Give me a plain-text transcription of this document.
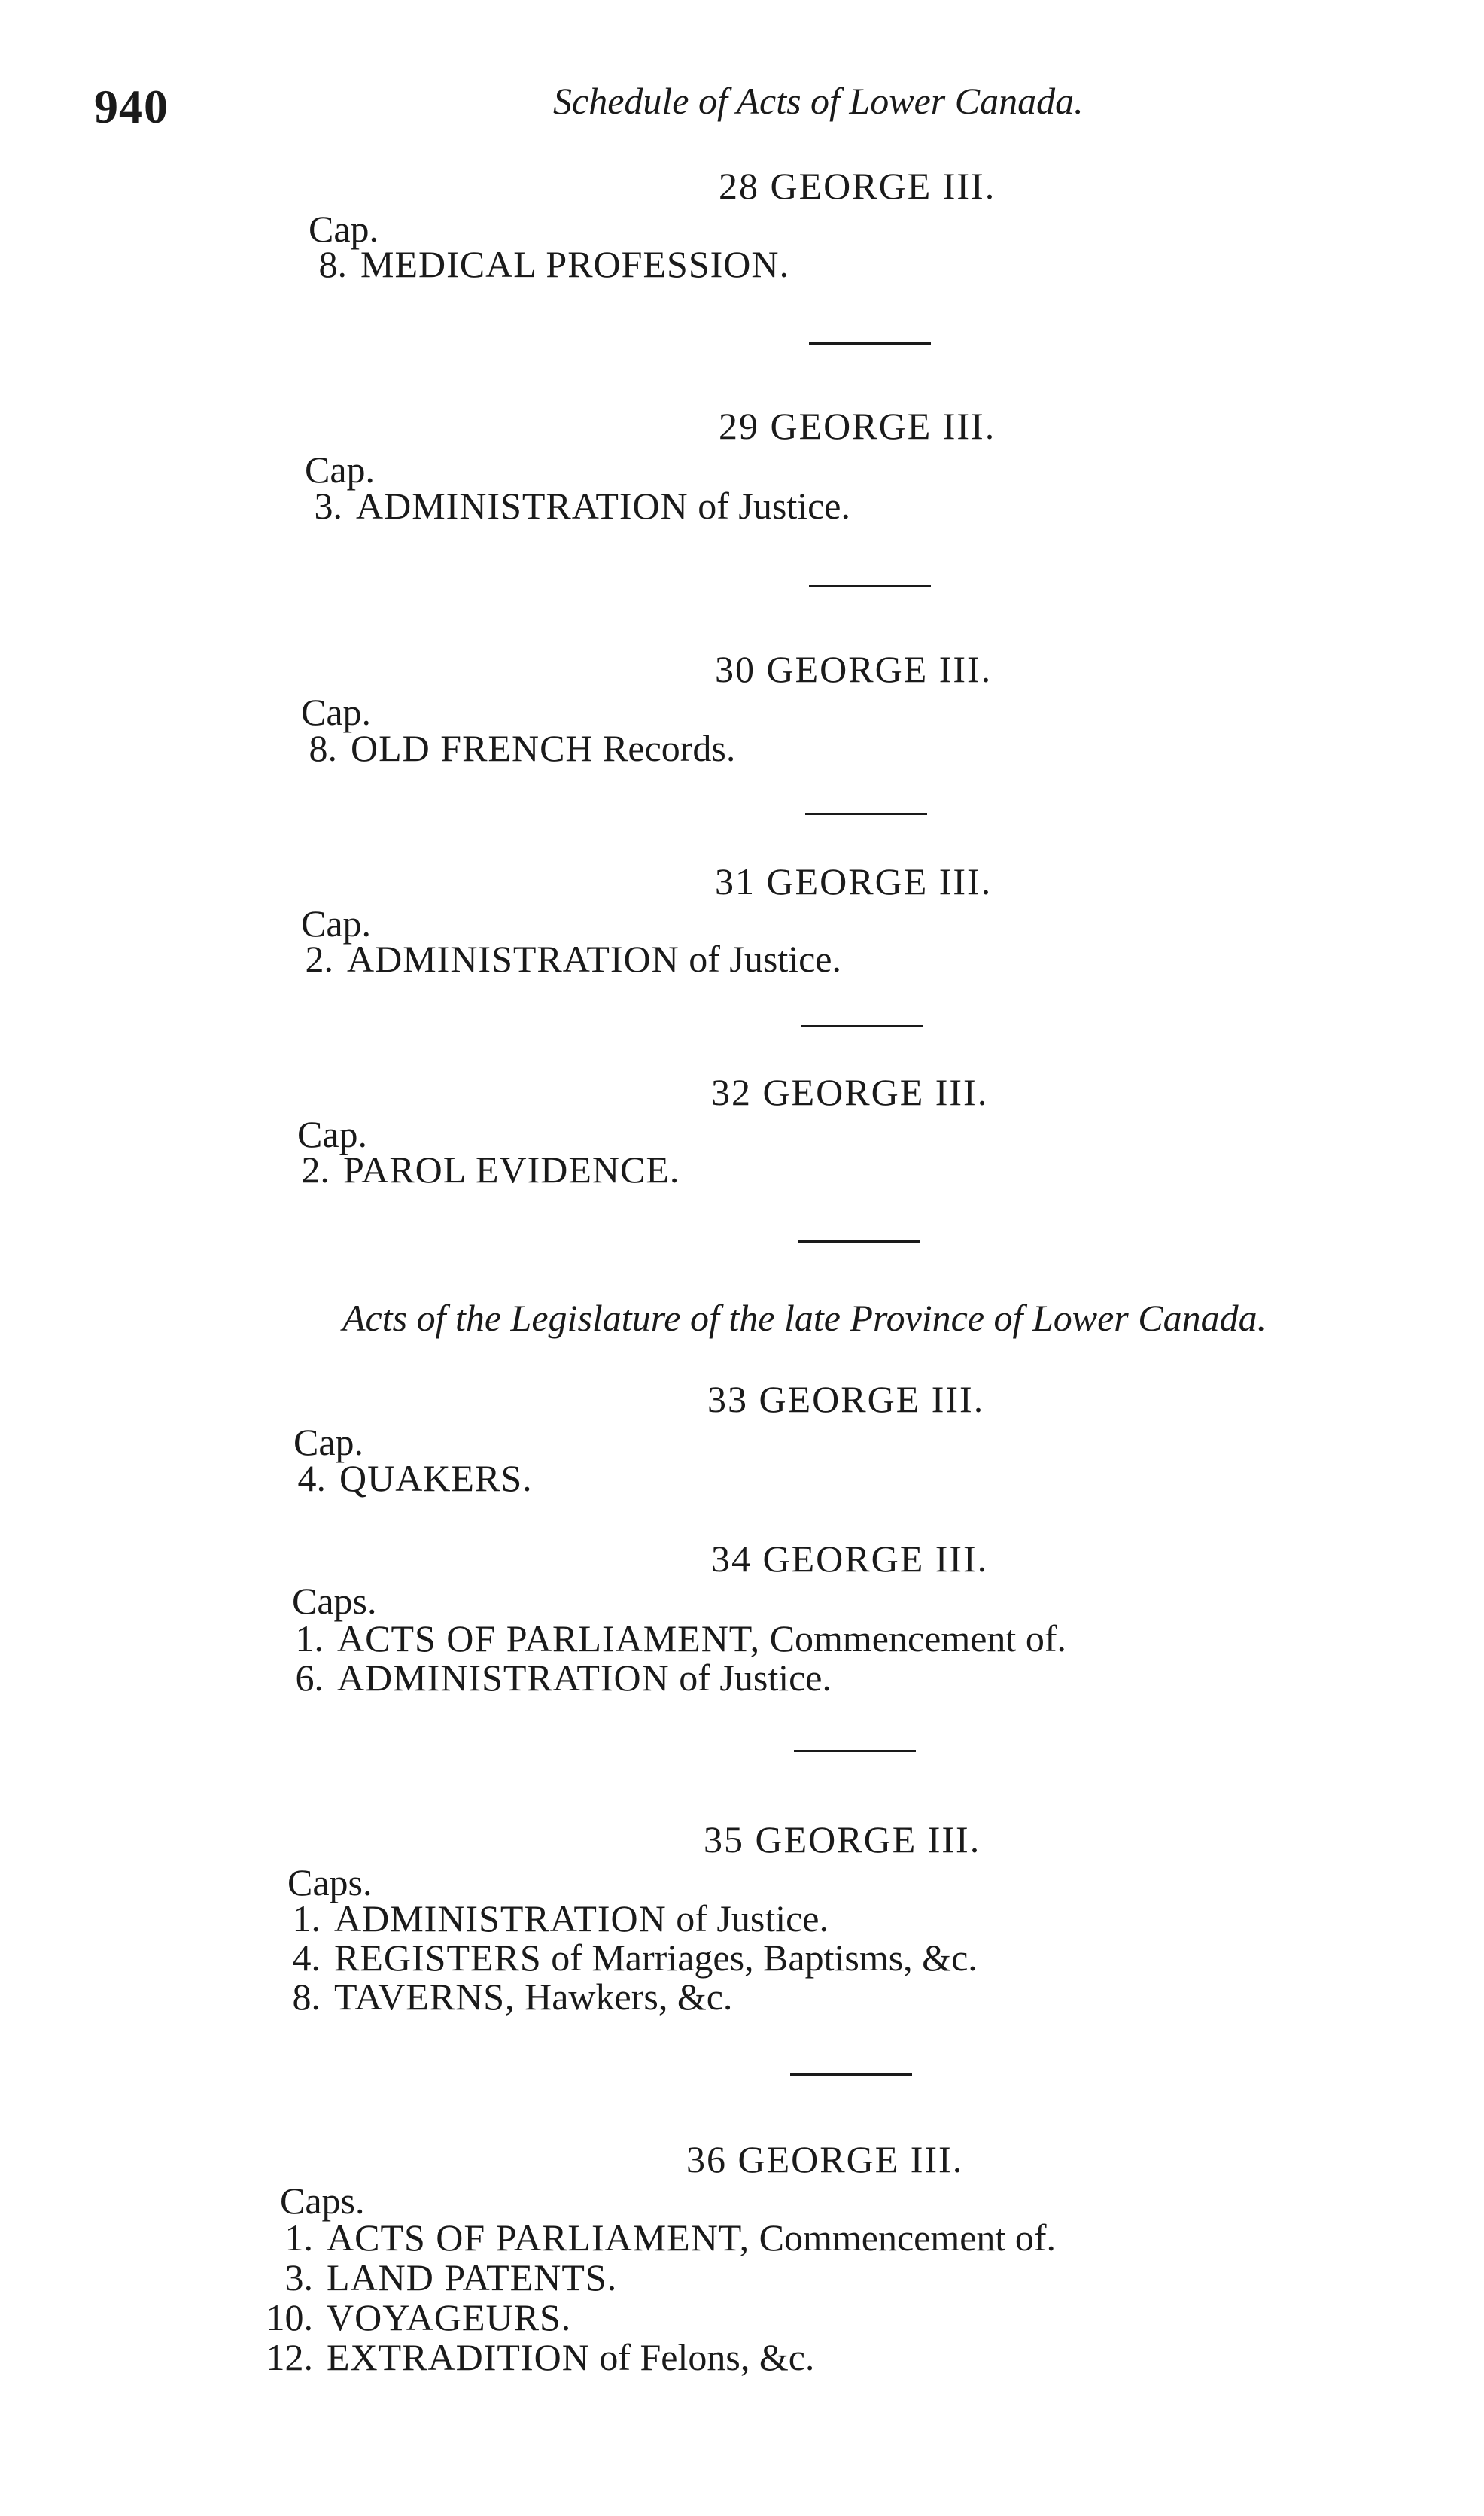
940	Schedule of Acts of Lower Canada.
28 GEORGE III.
Cap.
8. MEDICAL PROFESSION.
29 GEORGE III.
Cap.
3. ADMINISTRATION of Justice.
30 GEORGE III.
Cap.
8. OLD FRENCH Records.
31 GEORGE III.
Cap.
2. ADMINISTRATION of Justice.
32 GEORGE III.
Cap.
2. PAROL EVIDENCE.
Acts of the Legislature of the late Province of Lower Canada.
33 GEORGE III.
Cap.
4. QUAKERS.
34 GEORGE III.
Caps.
1. ACTS OF PARLIAMENT, Commencement of.
6. ADMINISTRATION of Justice.
35 GEORGE III.
Caps.
1. ADMINISTRATION of Justice.
4. REGISTERS of Marriages, Baptisms, &c.
8. TAVERNS, Hawkers, &c.
36 GEORGE III.
Caps.
1. ACTS OF PARLIAMENT, Commencement of.
3. LAND PATENTS.
10. VOYAGEURS.
12. EXTRADITION of Felons, &c.
